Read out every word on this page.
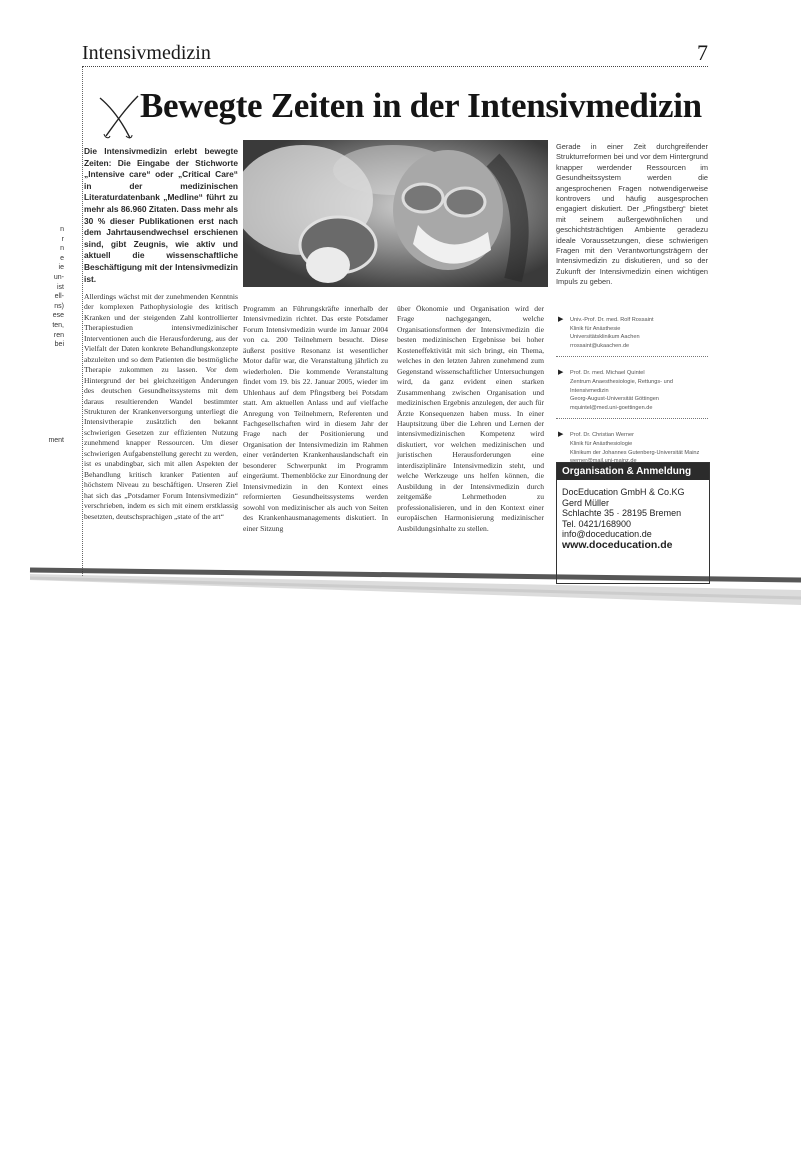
n
r
n
e
ie
un-
ist
ell-
ns)
ese
ten,
ren
bei
ment
Intensivmedizin	7
Bewegte Zeiten in der Intensivmedizin
Die Intensivmedizin erlebt bewegte Zeiten: Die Eingabe der Stichworte „Intensive care“ oder „Critical Care“ in der medizinischen Literaturdatenbank „Medline“ führt zu mehr als 86.960 Zitaten. Dass mehr als 30 % dieser Publikationen erst nach dem Jahrtausendwechsel erschienen sind, gibt Zeugnis, wie aktiv und aktuell die wissenschaftliche Beschäftigung mit der Intensivmedizin ist.
Allerdings wächst mit der zunehmenden Kenntnis der komplexen Pathophysiologie des kritisch Kranken und der steigenden Zahl kontrollierter Therapiestudien intensivmedizinischer Interventionen auch die Herausforderung, aus der Vielfalt der Daten konkrete Behandlungskonzepte abzuleiten und so dem Patienten die bestmögliche Therapie zukommen zu lassen. Vor dem Hintergrund der bei gleichzeitigen Änderungen des deutschen Gesundheitssystems mit dem daraus resultierenden Wandel bestimmter Strukturen der Krankenversorgung unterliegt die Intensivtherapie zusätzlich den bekannt schwierigen Gesetzen zur effizienten Nutzung zunehmend knapper Ressourcen. Um dieser schwierigen Aufgabenstellung gerecht zu werden, ist es unabdingbar, sich mit allen Aspekten der Behandlung kritisch kranker Patienten auf höchstem Niveau zu beschäftigen. Unseren Ziel hat sich das „Potsdamer Forum Intensivmedizin“ verschrieben, indem es sich mit einem erstklassig besetzten, deutschsprachigen „state of the art“
Programm an Führungskräfte innerhalb der Intensivmedizin richtet. Das erste Potsdamer Forum Intensivmedizin wurde im Januar 2004 von ca. 200 Teilnehmern besucht. Diese äußerst positive Resonanz ist wesentlicher Motor dafür war, die Veranstaltung jährlich zu wiederholen. Die kommende Veranstaltung findet vom 19. bis 22. Januar 2005, wieder im Uhlenhaus auf dem Pfingstberg bei Potsdam statt. Am aktuellen Anlass und auf vielfache Anregung von Teilnehmern, Referenten und Fachgesellschaften wird in diesem Jahr der Frage nach der Positionierung und Organisation der Intensivmedizin im Rahmen einer veränderten Krankenhauslandschaft ein besonderer Schwerpunkt im Programm eingeräumt. Themenblöcke zur Einordnung der Intensivmedizin in den Kontext eines reformierten Gesundheitssystems werden sowohl von medizinischer als auch von Seiten des Krankenhausmanagements diskutiert. In einer Sitzung
über Ökonomie und Organisation wird der Frage nachgegangen, welche Organisationsformen der Intensivmedizin die besten medizinischen Ergebnisse bei hoher Kosteneffektivität mit sich bringt, ein Thema, welches in den letzten Jahren zunehmend zum Gegenstand wissenschaftlicher Untersuchungen wird, da ganz evident einen starken Zusammenhang zwischen Organisation und medizinischen Ergebnis anzulegen, der auch für Ärzte Konsequenzen haben muss. In einer Hauptsitzung über die Lehren und Lernen der intensivmedizinischen Kompetenz wird diskutiert, vor welchen medizinischen und juristischen Herausforderungen eine interdisziplinäre Intensivmedizin steht, und welche Werkzeuge uns helfen können, die Ausbildung in der Intensivmedizin durch zeitgemäße Lehrmethoden zu professionalisieren, und in den Kontext einer europäischen Harmonisierung medizinischer Ausbildungsinhalte zu stellen.
Gerade in einer Zeit durchgreifender Strukturreformen bei und vor dem Hintergrund knapper werdender Ressourcen im Gesundheitssystem werden die angesprochenen Fragen notwendigerweise kontrovers und häufig ausgesprochen engagiert diskutiert. Der „Pfingstberg“ bietet mit seinem außergewöhnlichen und geschichtsträchtigen Ambiente geradezu ideale Voraussetzungen, diese schwierigen Fragen mit den Verantwortungsträgern der Intensivmedizin zu diskutieren, und so der Zukunft der Intensivmedizin einen wichtigen Impuls zu geben.
▶ Univ.-Prof. Dr. med. Rolf Rossaint
Klinik für Anästhesie
Universitätsklinikum Aachen
rrossaint@ukaachen.de
▶ Prof. Dr. med. Michael Quintel
Zentrum Anaesthesiologie, Rettungs- und Intensivmedizin
Georg-August-Universität Göttingen
mquintel@med.uni-goettingen.de
▶ Prof. Dr. Christian Werner
Klinik für Anästhesiologie
Klinikum der Johannes Gutenberg-Universität Mainz
Organisation & Anmeldung
DocEducation GmbH & Co.KG
Gerd Müller
Schlachte 35 · 28195 Bremen
Tel. 0421/168900
info@doceducation.de
www.doceducation.de
